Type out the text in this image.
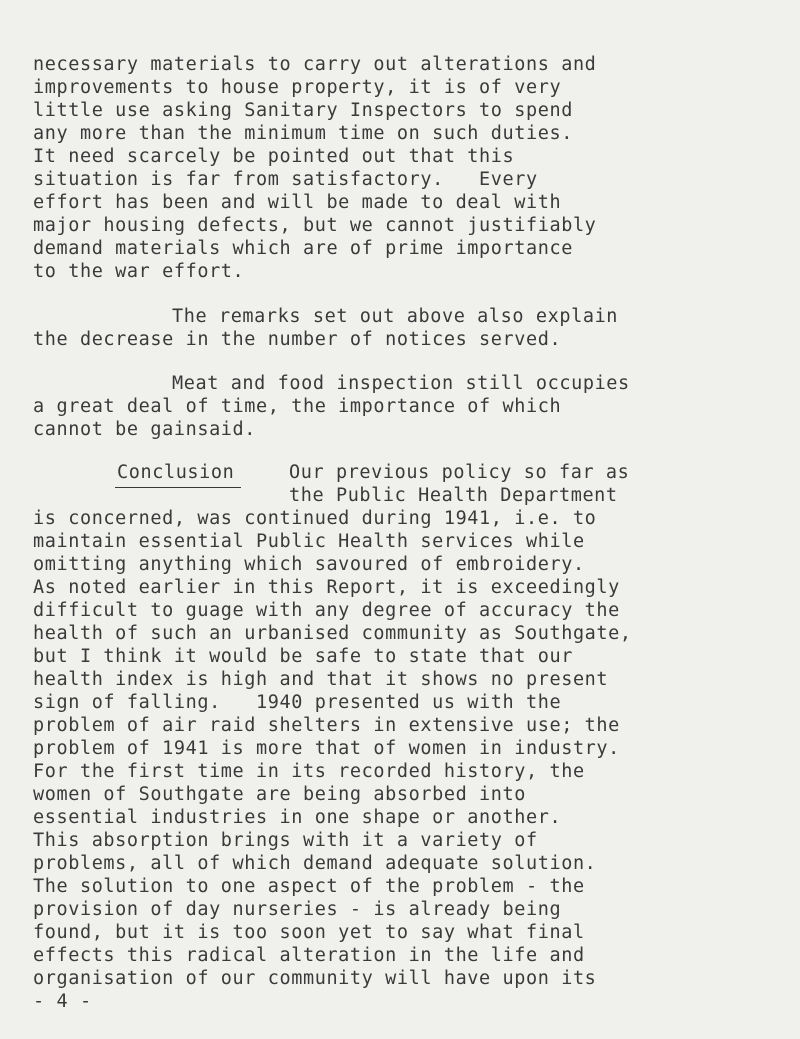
necessary materials to carry out alterations and
improvements to house property, it is of very
little use asking Sanitary Inspectors to spend
any more than the minimum time on such duties.
It need scarcely be pointed out that this
situation is far from satisfactory.   Every
effort has been and will be made to deal with
major housing defects, but we cannot justifiably
demand materials which are of prime importance
to the war effort.
The remarks set out above also explain
the decrease in the number of notices served.
Meat and food inspection still occupies
a great deal of time, the importance of which
cannot be gainsaid.
Conclusion	Our previous policy so far as
the Public Health Department
is concerned, was continued during 1941, i.e. to
maintain essential Public Health services while
omitting anything which savoured of embroidery.
As noted earlier in this Report, it is exceedingly
difficult to guage with any degree of accuracy the
health of such an urbanised community as Southgate,
but I think it would be safe to state that our
health index is high and that it shows no present
sign of falling.   1940 presented us with the
problem of air raid shelters in extensive use; the
problem of 1941 is more that of women in industry.
For the first time in its recorded history, the
women of Southgate are being absorbed into
essential industries in one shape or another.
This absorption brings with it a variety of
problems, all of which demand adequate solution.
The solution to one aspect of the problem - the
provision of day nurseries - is already being
found, but it is too soon yet to say what final
effects this radical alteration in the life and
organisation of our community will have upon its
- 4 -
